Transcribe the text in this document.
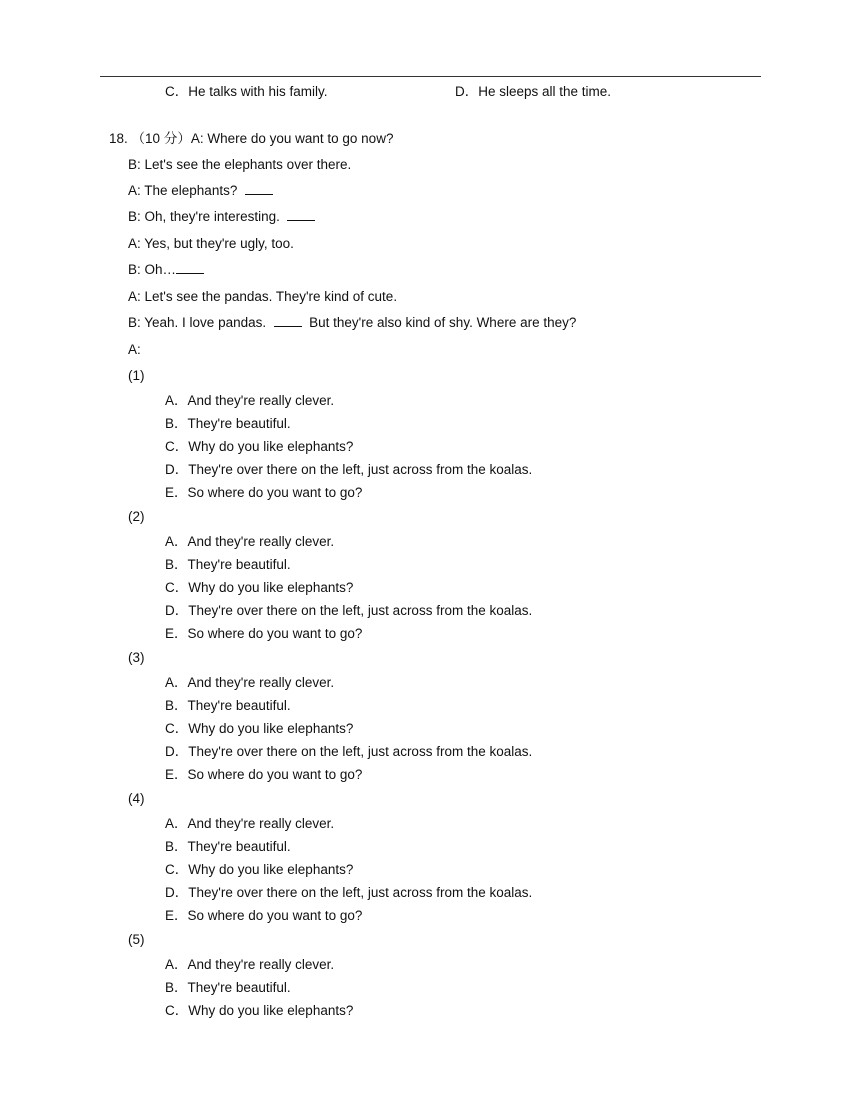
C．He talks with his family.	D．He sleeps all the time.
18. （10 分）A: Where do you want to go now?
B: Let's see the elephants over there.
A: The elephants?
B: Oh, they're interesting.
A: Yes, but they're ugly, too.
B: Oh…
A: Let's see the pandas. They're kind of cute.
B: Yeah. I love pandas.	But they're also kind of shy. Where are they?
A:
(1)
A．And they're really clever.
B．They're beautiful.
C．Why do you like elephants?
D．They're over there on the left, just across from the koalas.
E．So where do you want to go?
(2)
A．And they're really clever.
B．They're beautiful.
C．Why do you like elephants?
D．They're over there on the left, just across from the koalas.
E．So where do you want to go?
(3)
A．And they're really clever.
B．They're beautiful.
C．Why do you like elephants?
D．They're over there on the left, just across from the koalas.
E．So where do you want to go?
(4)
A．And they're really clever.
B．They're beautiful.
C．Why do you like elephants?
D．They're over there on the left, just across from the koalas.
E．So where do you want to go?
(5)
A．And they're really clever.
B．They're beautiful.
C．Why do you like elephants?
